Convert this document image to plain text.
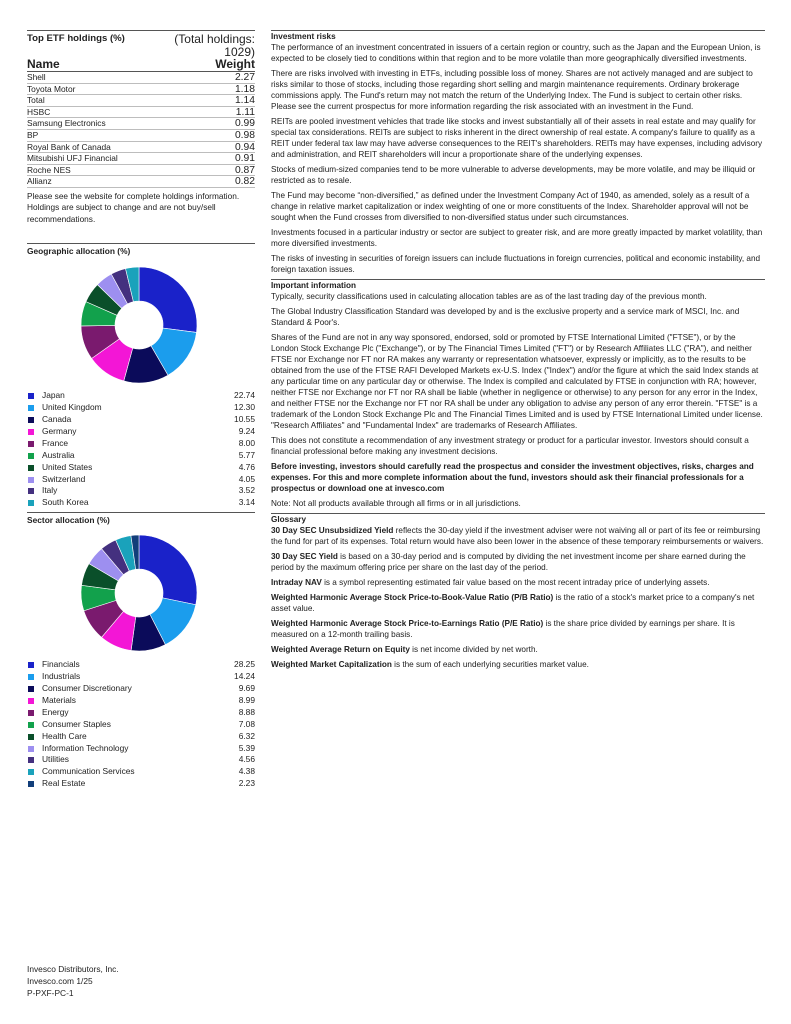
Top ETF holdings (%)	(Total holdings: 1029)
Name	Weight
Shell	2.27
Toyota Motor	1.18
Total	1.14
HSBC	1.11
Samsung Electronics	0.99
BP	0.98
Royal Bank of Canada	0.94
Mitsubishi UFJ Financial	0.91
Roche NES	0.87
Allianz	0.82
Please see the website for complete holdings information. Holdings are subject to change and are not buy/sell recommendations.
Geographic allocation (%)
Japan	22.74
United Kingdom	12.30
Canada	10.55
Germany	9.24
France	8.00
Australia	5.77
United States	4.76
Switzerland	4.05
Italy	3.52
South Korea	3.14
Sector allocation (%)
Financials	28.25
Industrials	14.24
Consumer Discretionary	9.69
Materials	8.99
Energy	8.88
Consumer Staples	7.08
Health Care	6.32
Information Technology	5.39
Utilities	4.56
Communication Services	4.38
Real Estate	2.23
Invesco Distributors, Inc.
Invesco.com 1/25
P-PXF-PC-1
Investment risks
The performance of an investment concentrated in issuers of a certain region or country, such as the Japan and the European Union, is expected to be closely tied to conditions within that region and to be more volatile than more geographically diversified investments.
There are risks involved with investing in ETFs, including possible loss of money. Shares are not actively managed and are subject to risks similar to those of stocks, including those regarding short selling and margin maintenance requirements. Ordinary brokerage commissions apply. The Fund's return may not match the return of the Underlying Index. The Fund is subject to certain other risks. Please see the current prospectus for more information regarding the risk associated with an investment in the Fund.
REITs are pooled investment vehicles that trade like stocks and invest substantially all of their assets in real estate and may qualify for special tax considerations. REITs are subject to risks inherent in the direct ownership of real estate. A company's failure to qualify as a REIT under federal tax law may have adverse consequences to the REIT's shareholders. REITs may have expenses, including advisory and administration, and REIT shareholders will incur a proportionate share of the underlying expenses.
Stocks of medium-sized companies tend to be more vulnerable to adverse developments, may be more volatile, and may be illiquid or restricted as to resale.
The Fund may become “non-diversified,” as defined under the Investment Company Act of 1940, as amended, solely as a result of a change in relative market capitalization or index weighting of one or more constituents of the Index. Shareholder approval will not be sought when the Fund crosses from diversified to non-diversified status under such circumstances.
Investments focused in a particular industry or sector are subject to greater risk, and are more greatly impacted by market volatility, than more diversified investments.
The risks of investing in securities of foreign issuers can include fluctuations in foreign currencies, political and economic instability, and foreign taxation issues.
Important information
Typically, security classifications used in calculating allocation tables are as of the last trading day of the previous month.
The Global Industry Classification Standard was developed by and is the exclusive property and a service mark of MSCI, Inc. and Standard & Poor's.
Shares of the Fund are not in any way sponsored, endorsed, sold or promoted by FTSE International Limited ("FTSE"), or by the London Stock Exchange Plc ("Exchange"), or by The Financial Times Limited ("FT") or by Research Affiliates LLC ("RA"), and neither FTSE nor Exchange nor FT nor RA makes any warranty or representation whatsoever, expressly or implicitly, as to the results to be obtained from the use of the FTSE RAFI Developed Markets ex-U.S. Index ("Index") and/or the figure at which the said Index stands at any particular time on any particular day or otherwise. The Index is compiled and calculated by FTSE in conjunction with RA; however, neither FTSE nor Exchange nor FT nor RA shall be liable (whether in negligence or otherwise) to any person for any error in the Index, and neither FTSE nor the Exchange nor FT nor RA shall be under any obligation to advise any person of any error therein. "FTSE" is a trademark of the London Stock Exchange Plc and The Financial Times Limited and is used by FTSE International Limited under license. "Research Affiliates" and "Fundamental Index" are trademarks of Research Affiliates.
This does not constitute a recommendation of any investment strategy or product for a particular investor. Investors should consult a financial professional before making any investment decisions.
Before investing, investors should carefully read the prospectus and consider the investment objectives, risks, charges and expenses. For this and more complete information about the fund, investors should ask their financial professionals for a prospectus or download one at invesco.com
Note: Not all products available through all firms or in all jurisdictions.
Glossary
30 Day SEC Unsubsidized Yield reflects the 30-day yield if the investment adviser were not waiving all or part of its fee or reimbursing the fund for part of its expenses. Total return would have also been lower in the absence of these temporary reimbursements or waivers.
30 Day SEC Yield is based on a 30-day period and is computed by dividing the net investment income per share earned during the period by the maximum offering price per share on the last day of the period.
Intraday NAV is a symbol representing estimated fair value based on the most recent intraday price of underlying assets.
Weighted Harmonic Average Stock Price-to-Book-Value Ratio (P/B Ratio) is the ratio of a stock's market price to a company's net asset value.
Weighted Harmonic Average Stock Price-to-Earnings Ratio (P/E Ratio) is the share price divided by earnings per share. It is measured on a 12-month trailing basis.
Weighted Average Return on Equity is net income divided by net worth.
Weighted Market Capitalization is the sum of each underlying securities market value.
